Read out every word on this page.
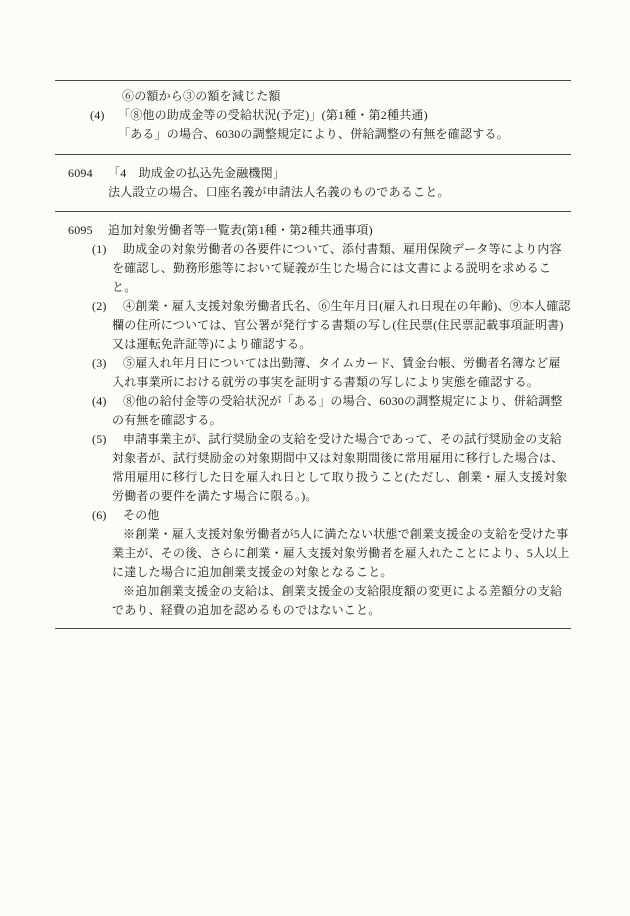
⑥の額から③の額を減じた額
(4)	「⑧他の助成金等の受給状況(予定)」(第1種・第2種共通)
「ある」の場合、6030の調整規定により、併給調整の有無を確認する。
6094	「4　助成金の払込先金融機関」
法人設立の場合、口座名義が申請法人名義のものであること。
6095	追加対象労働者等一覧表(第1種・第2種共通事項)
(1)	助成金の対象労働者の各要件について、添付書類、雇用保険データ等により内容を確認し、勤務形態等において疑義が生じた場合には文書による説明を求めること。
(2)	④創業・雇入支援対象労働者氏名、⑥生年月日(雇入れ日現在の年齢)、⑨本人確認欄の住所については、官公署が発行する書類の写し(住民票(住民票記載事項証明書)又は運転免許証等)により確認する。
(3)	⑤雇入れ年月日については出勤簿、タイムカード、賃金台帳、労働者名簿など雇入れ事業所における就労の事実を証明する書類の写しにより実態を確認する。
(4)	⑧他の給付金等の受給状況が「ある」の場合、6030の調整規定により、併給調整の有無を確認する。
(5)	申請事業主が、試行奨励金の支給を受けた場合であって、その試行奨励金の支給対象者が、試行奨励金の対象期間中又は対象期間後に常用雇用に移行した場合は、常用雇用に移行した日を雇入れ日として取り扱うこと(ただし、創業・雇入支援対象労働者の要件を満たす場合に限る。)。
(6)	その他

※創業・雇入支援対象労働者が5人に満たない状態で創業支援金の支給を受けた事業主が、その後、さらに創業・雇入支援対象労働者を雇入れたことにより、5人以上に達した場合に追加創業支援金の対象となること。

※追加創業支援金の支給は、創業支援金の支給限度額の変更による差額分の支給であり、経費の追加を認めるものではないこと。
